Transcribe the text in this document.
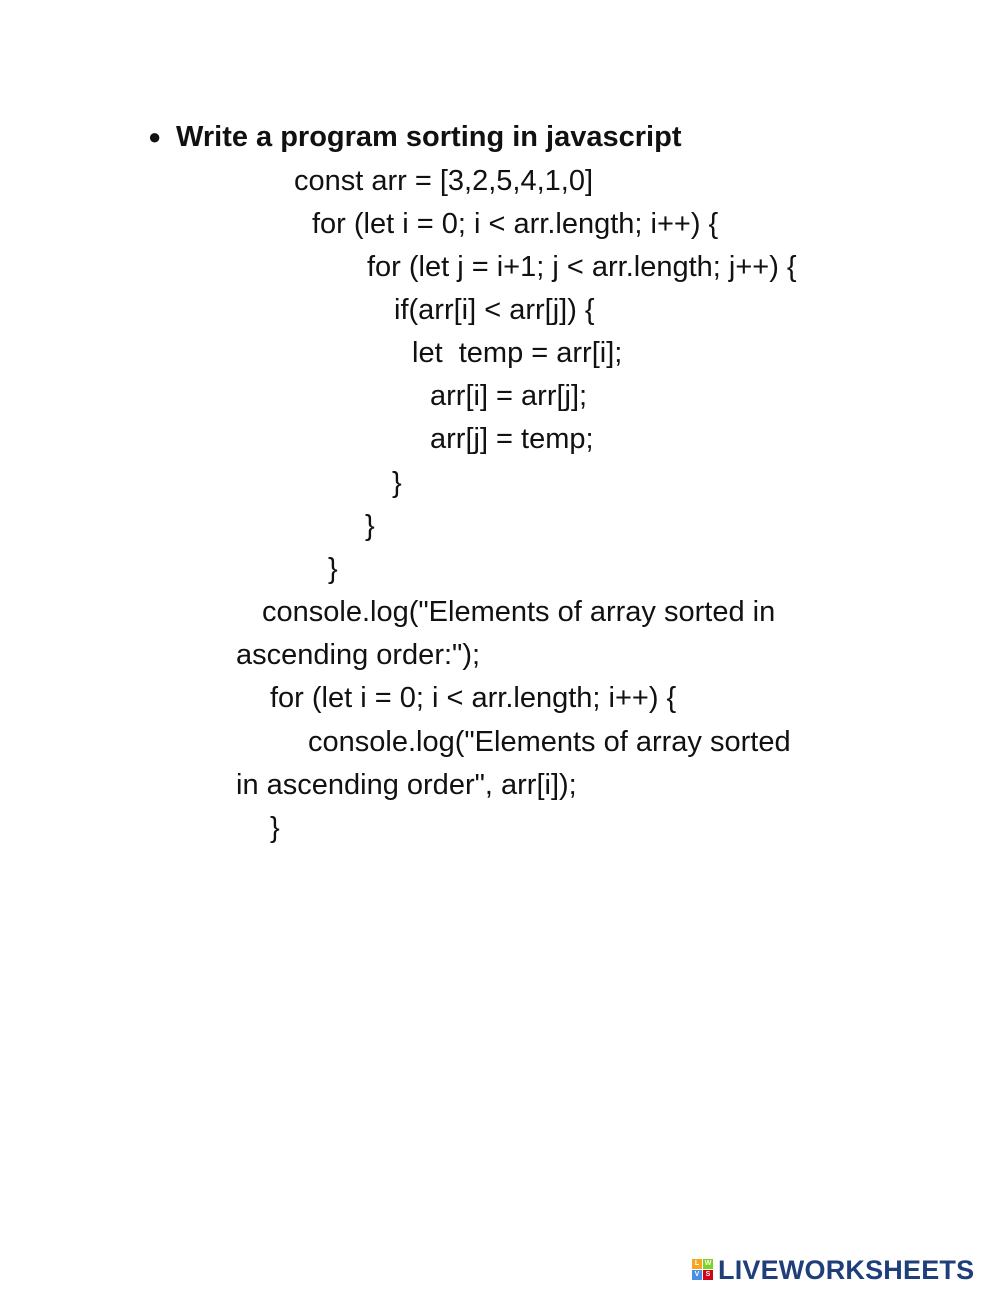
● Write a program sorting in javascript
const arr = [3,2,5,4,1,0]
for (let i = 0; i < arr.length; i++) {
for (let j = i+1; j < arr.length; j++) {
if(arr[i] < arr[j]) {
let  temp = arr[i];
arr[i] = arr[j];
arr[j] = temp;
}
}
}
console.log("Elements of array sorted in
ascending order:");
for (let i = 0; i < arr.length; i++) {
console.log("Elements of array sorted
in ascending order", arr[i]);
}
L W
V S LIVEWORKSHEETS
